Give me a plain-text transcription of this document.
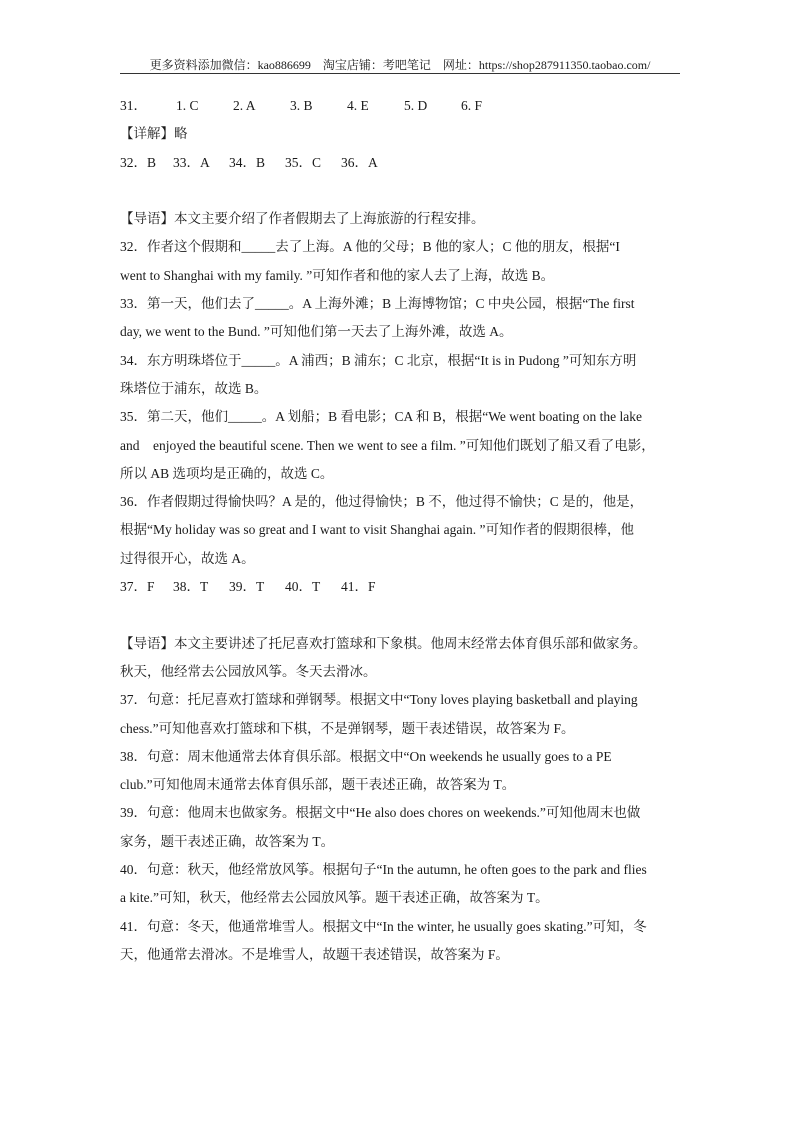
更多资料添加微信：kao886699　淘宝店铺：考吧笔记　网址：https://shop287911350.taobao.com/
31． 1. C	2. A	3. B	4. E	5. D	6. F
【详解】略
32．B 33．A 34．B 35．C 36．A
【导语】本文主要介绍了作者假期去了上海旅游的行程安排。
32．作者这个假期和_____去了上海。A 他的父母；B 他的家人；C 他的朋友，根据“I
went to Shanghai with my family. ”可知作者和他的家人去了上海，故选 B。
33．第一天，他们去了_____。A 上海外滩；B 上海博物馆；C 中央公园，根据“The first
day, we went to the Bund. ”可知他们第一天去了上海外滩，故选 A。
34．东方明珠塔位于_____。A 浦西；B 浦东；C 北京，根据“It is in Pudong ”可知东方明
珠塔位于浦东，故选 B。
35．第二天，他们_____。A 划船；B 看电影；CA 和 B，根据“We went boating on the lake
and　enjoyed the beautiful scene. Then we went to see a film. ”可知他们既划了船又看了电影，
所以 AB 选项均是正确的，故选 C。
36．作者假期过得愉快吗？A 是的，他过得愉快；B 不，他过得不愉快；C 是的，他是，
根据“My holiday was so great and I want to visit Shanghai again. ”可知作者的假期很棒，他
过得很开心，故选 A。
37．F 38．T 39．T 40．T 41．F
【导语】本文主要讲述了托尼喜欢打篮球和下象棋。他周末经常去体育俱乐部和做家务。
秋天，他经常去公园放风筝。冬天去滑冰。
37．句意：托尼喜欢打篮球和弹钢琴。根据文中“Tony loves playing basketball and playing
chess.”可知他喜欢打篮球和下棋，不是弹钢琴，题干表述错误，故答案为 F。
38．句意：周末他通常去体育俱乐部。根据文中“On weekends he usually goes to a PE
club.”可知他周末通常去体育俱乐部，题干表述正确，故答案为 T。
39．句意：他周末也做家务。根据文中“He also does chores on weekends.”可知他周末也做
家务，题干表述正确，故答案为 T。
40．句意：秋天，他经常放风筝。根据句子“In the autumn, he often goes to the park and flies
a kite.”可知，秋天，他经常去公园放风筝。题干表述正确，故答案为 T。
41．句意：冬天，他通常堆雪人。根据文中“In the winter, he usually goes skating.”可知，冬
天，他通常去滑冰。不是堆雪人，故题干表述错误，故答案为 F。
